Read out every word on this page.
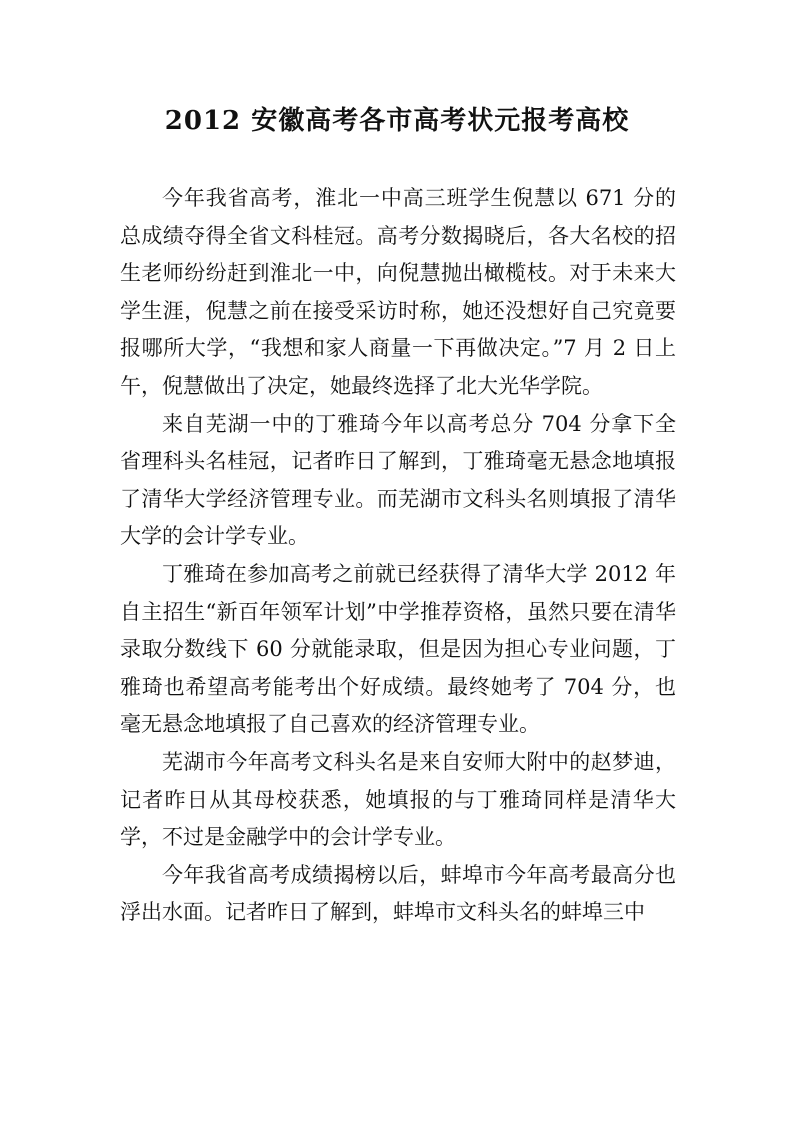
2012 安徽高考各市高考状元报考高校

今年我省高考，淮北一中高三班学生倪慧以 671 分的总成绩夺得全省文科桂冠。高考分数揭晓后，各大名校的招生老师纷纷赶到淮北一中，向倪慧抛出橄榄枝。对于未来大学生涯，倪慧之前在接受采访时称，她还没想好自己究竟要报哪所大学，“我想和家人商量一下再做决定。”7 月 2 日上午，倪慧做出了决定，她最终选择了北大光华学院。

来自芜湖一中的丁雅琦今年以高考总分 704 分拿下全省理科头名桂冠，记者昨日了解到，丁雅琦毫无悬念地填报了清华大学经济管理专业。而芜湖市文科头名则填报了清华大学的会计学专业。

丁雅琦在参加高考之前就已经获得了清华大学 2012 年自主招生“新百年领军计划”中学推荐资格，虽然只要在清华录取分数线下 60 分就能录取，但是因为担心专业问题，丁雅琦也希望高考能考出个好成绩。最终她考了 704 分，也毫无悬念地填报了自己喜欢的经济管理专业。

芜湖市今年高考文科头名是来自安师大附中的赵梦迪，记者昨日从其母校获悉，她填报的与丁雅琦同样是清华大学，不过是金融学中的会计学专业。

今年我省高考成绩揭榜以后，蚌埠市今年高考最高分也浮出水面。记者昨日了解到，蚌埠市文科头名的蚌埠三中
